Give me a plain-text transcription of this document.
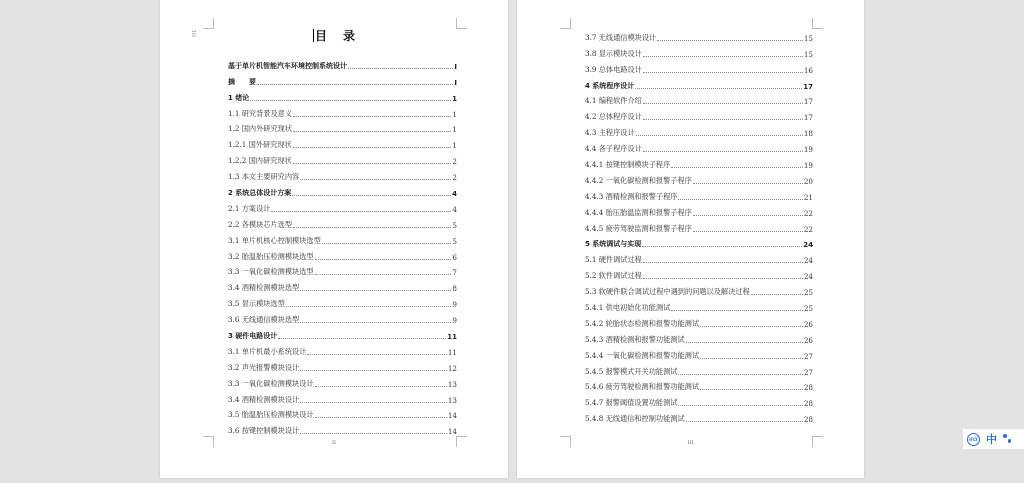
⠿	目 录
基于单片机智能汽车环境控制系统设计	I
摘　　要	I
1 绪论	1
1.1 研究背景及意义	1
1.2 国内外研究现状	1
1.2.1 国外研究现状	1
1.2.2 国内研究现状	2
1.3 本文主要研究内容	2
2 系统总体设计方案	4
2.1 方案设计	4
2.2 各模块芯片选型	5
3.1 单片机核心控制模块选型	5
3.2 胎温胎压检测模块选型	6
3.3 一氧化碳检测模块选型	7
3.4 酒精检测模块选型	8
3.5 显示模块选型	9
3.6 无线通信模块选型	9
3 硬件电路设计	11
3.1 单片机最小系统设计	11
3.2 声光报警模块设计	12
3.3 一氧化碳检测模块设计	13
3.4 酒精检测模块设计	13
3.5 胎温胎压检测模块设计	14
3.6 按键控制模块设计	14
II
3.7 无线通信模块设计	15
3.8 显示模块设计	15
3.9 总体电路设计	16
4 系统程序设计	17
4.1 编程软件介绍	17
4.2 总体程序设计	17
4.3 主程序设计	18
4.4 各子程序设计	19
4.4.1 按键控制模块子程序	19
4.4.2 一氧化碳检测和报警子程序	20
4.4.3 酒精检测和报警子程序	21
4.4.4 胎压胎温监测和报警子程序	22
4.4.5 疲劳驾驶监测和报警子程序	22
5 系统调试与实现	24
5.1 硬件调试过程	24
5.2 软件调试过程	24
5.3 软硬件联合调试过程中遇到的问题以及解决过程	25
5.4.1 供电初始化功能测试	25
5.4.2 轮胎状态检测和报警功能测试	26
5.4.3 酒精检测和报警功能测试	26
5.4.4 一氧化碳检测和报警功能测试	27
5.4.5 报警模式开关功能测试	27
5.4.6 疲劳驾驶检测和报警功能测试	28
5.4.7 报警阈值设置功能测试	28
5.4.8 无线通信和控制功能测试	28
III
iFLY 中
